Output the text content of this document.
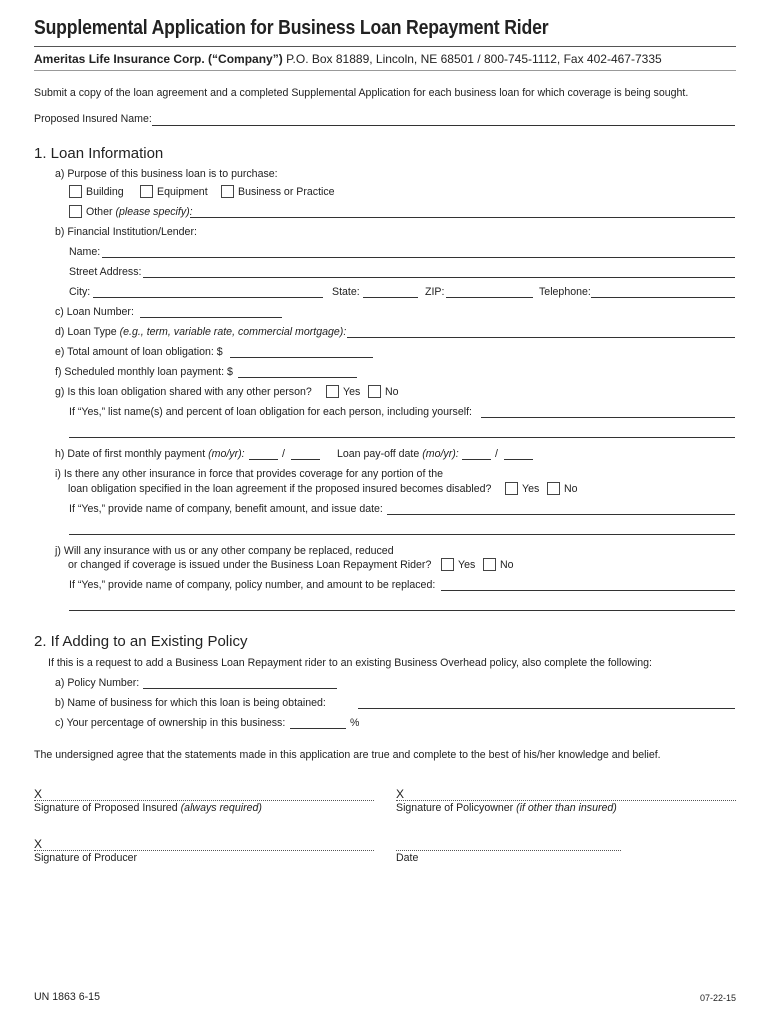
Supplemental Application for Business Loan Repayment Rider
Ameritas Life Insurance Corp. (“Company”) P.O. Box 81889, Lincoln, NE 68501 / 800-745-1112, Fax 402-467-7335
Submit a copy of the loan agreement and a completed Supplemental Application for each business loan for which coverage is being sought.
Proposed Insured Name:
1. Loan Information
a) Purpose of this business loan is to purchase:
Building	Equipment	Business or Practice
Other (please specify):
b) Financial Institution/Lender:
Name:
Street Address:
City:	State:	ZIP:	Telephone:
c) Loan Number:
d) Loan Type (e.g., term, variable rate, commercial mortgage):
e) Total amount of loan obligation: $
f) Scheduled monthly loan payment: $
g) Is this loan obligation shared with any other person?	Yes No
If “Yes,” list name(s) and percent of loan obligation for each person, including yourself:
h) Date of first monthly payment (mo/yr):	/	Loan pay-off date (mo/yr):	/
i) Is there any other insurance in force that provides coverage for any portion of the
loan obligation specified in the loan agreement if the proposed insured becomes disabled?	Yes No
If “Yes,” provide name of company, benefit amount, and issue date:
j) Will any insurance with us or any other company be replaced, reduced
or changed if coverage is issued under the Business Loan Repayment Rider?	Yes No
If “Yes,” provide name of company, policy number, and amount to be replaced:
2. If Adding to an Existing Policy
If this is a request to add a Business Loan Repayment rider to an existing Business Overhead policy, also complete the following:
a) Policy Number:
b) Name of business for which this loan is being obtained:
c) Your percentage of ownership in this business:	%
The undersigned agree that the statements made in this application are true and complete to the best of his/her knowledge and belief.
X
Signature of Proposed Insured (always required)
X
Signature of Policyowner (if other than insured)
X
Signature of Producer	Date
UN 1863 6-15	07-22-15
